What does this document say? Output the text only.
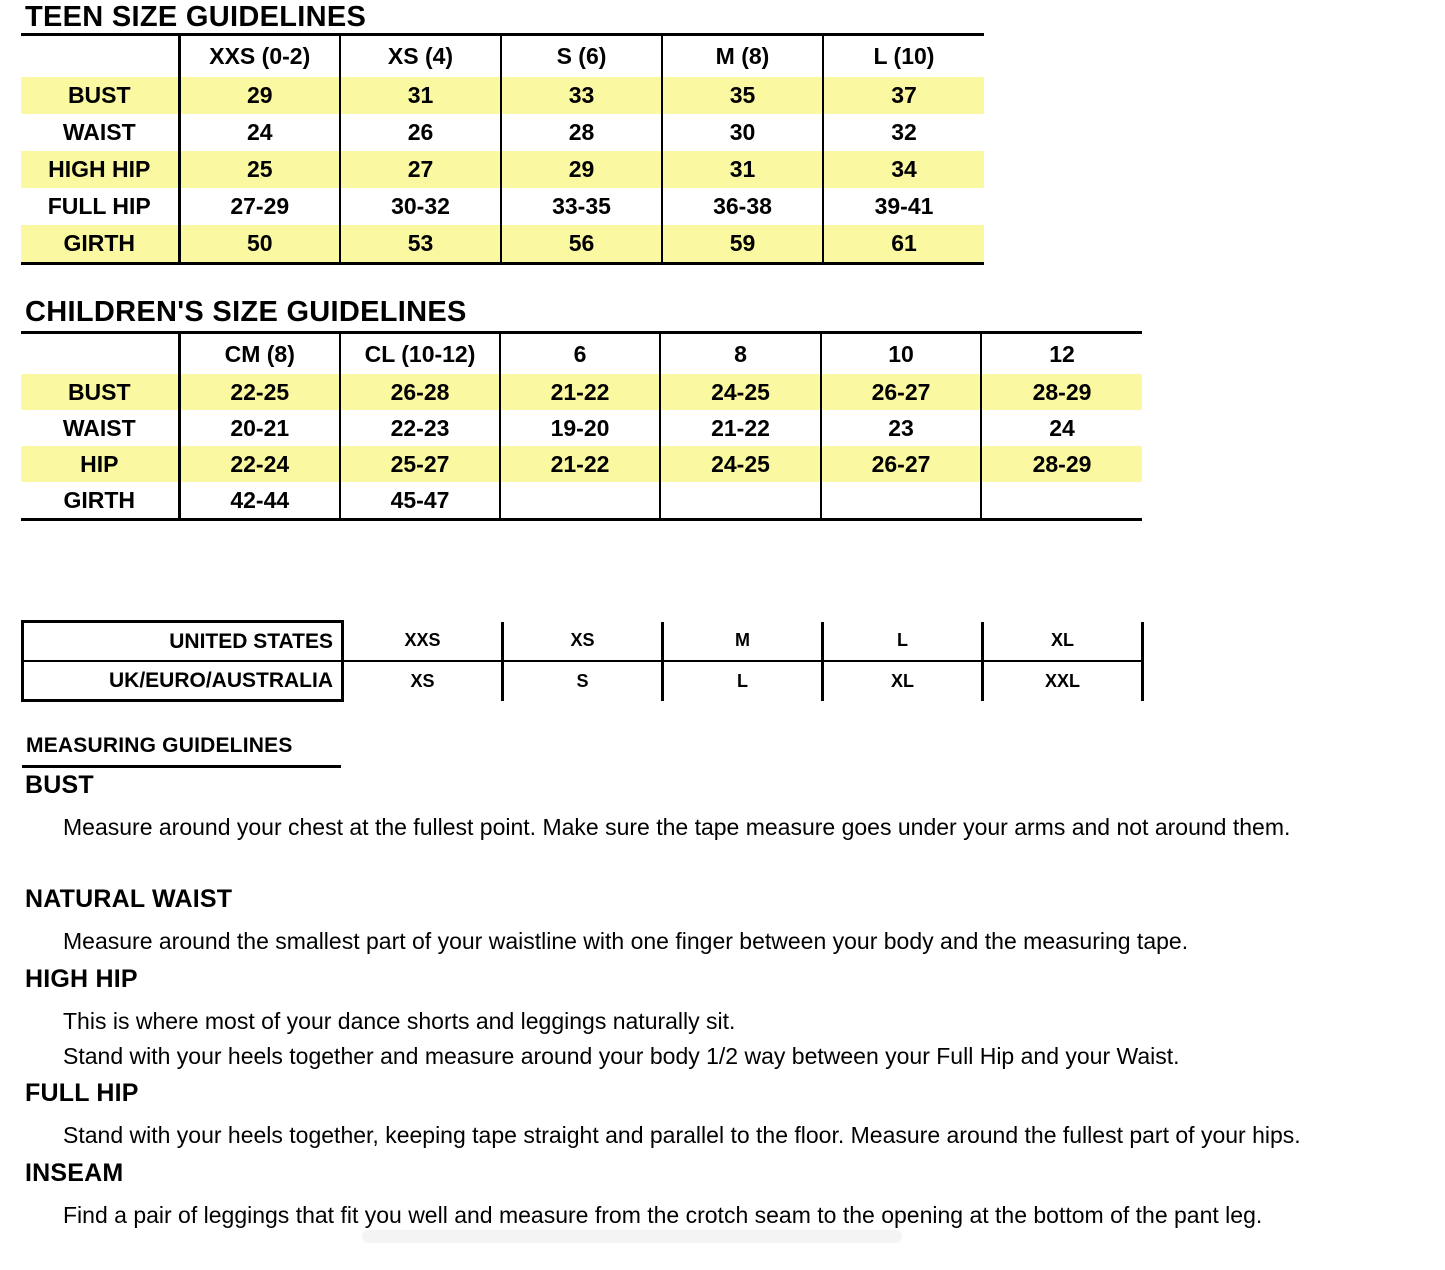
TEEN SIZE GUIDELINES
	XXS (0-2)	XS (4)	S (6)	M (8)	L (10)
BUST	29	31	33	35	37
WAIST	24	26	28	30	32
HIGH HIP	25	27	29	31	34
FULL HIP	27-29	30-32	33-35	36-38	39-41
GIRTH	50	53	56	59	61
CHILDREN'S SIZE GUIDELINES
	CM (8)	CL (10-12)	6	8	10	12
BUST	22-25	26-28	21-22	24-25	26-27	28-29
WAIST	20-21	22-23	19-20	21-22	23	24
HIP	22-24	25-27	21-22	24-25	26-27	28-29
GIRTH	42-44	45-47				
UNITED STATES	XXS	XS	M	L	XL
UK/EURO/AUSTRALIA	XS	S	L	XL	XXL
MEASURING GUIDELINES
BUST

Measure around your chest at the fullest point. Make sure the tape measure goes under your arms and not around them.

NATURAL WAIST

Measure around the smallest part of your waistline with one finger between your body and the measuring tape.

HIGH HIP

This is where most of your dance shorts and leggings naturally sit.

Stand with your heels together and measure around your body 1/2 way between your Full Hip and your Waist.

FULL HIP

Stand with your heels together, keeping tape straight and parallel to the floor. Measure around the fullest part of your hips.

INSEAM

Find a pair of leggings that fit you well and measure from the crotch seam to the opening at the bottom of the pant leg.
